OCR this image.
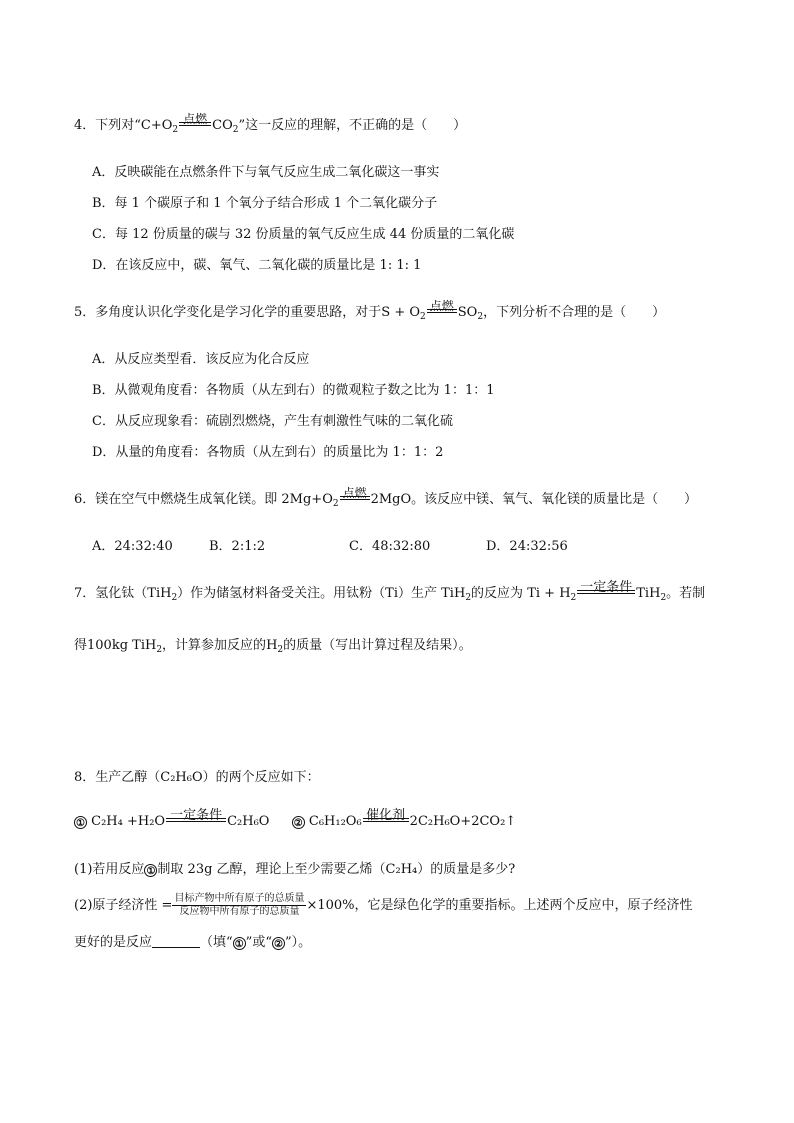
4．下列对“$C+O_2$
点燃 $CO_2$”这一反应的理解，不正确的是（　　）
A．反映碳能在点燃条件下与氧气反应生成二氧化碳这一事实
B．每 1 个碳原子和 1 个氧分子结合形成 1 个二氧化碳分子
C．每 12 份质量的碳与 32 份质量的氧气反应生成 44 份质量的二氧化碳
D．在该反应中，碳、氧气、二氧化碳的质量比是 1: 1: 1
5．多角度认识化学变化是学习化学的重要思路，对于$S + O_2$
点燃 $SO_2$，下列分析不合理的是（　　）
A．从反应类型看．该反应为化合反应
B．从微观角度看：各物质（从左到右）的微观粒子数之比为 1：1：1
C．从反应现象看：硫剧烈燃烧，产生有刺激性气味的二氧化硫
D．从量的角度看：各物质（从左到右）的质量比为 1：1：2
6．镁在空气中燃烧生成氧化镁。即 $2Mg+O_2$
点燃 2MgO。该反应中镁、氧气、氧化镁的质量比是（　　）
A．24:32:40	B．2:1:2	C．48:32:80	D．24:32:56
7．氢化钛（TiH$_2$）作为储氢材料备受关注。用钛粉（Ti）生产 TiH$_2$的反应为 $Ti + H_2$
一定条件 TiH$_2$。若制
得100kg TiH$_2$，计算参加反应的$H_2$的质量（写出计算过程及结果）。
8．生产乙醇（C₂H₆O）的两个反应如下：
① C₂H₄ +H₂O 一定条件 C₂H₆O ② C₆H₁₂O₆ 催化剂 2C₂H₆O+2CO₂↑
(1)若用反应 ① 制取 23g 乙醇，理论上至少需要乙烯（C₂H₄）的质量是多少?
(2)原子经济性 = $\frac{\text{目标产物中所有原子的总质量}}{\text{反应物中所有原子的总质量}} \times 100\%$，它是绿色化学的重要指标。上述两个反应中，原子经济性
更好的是反应	（填“ ① ”或“ ② ”）。
